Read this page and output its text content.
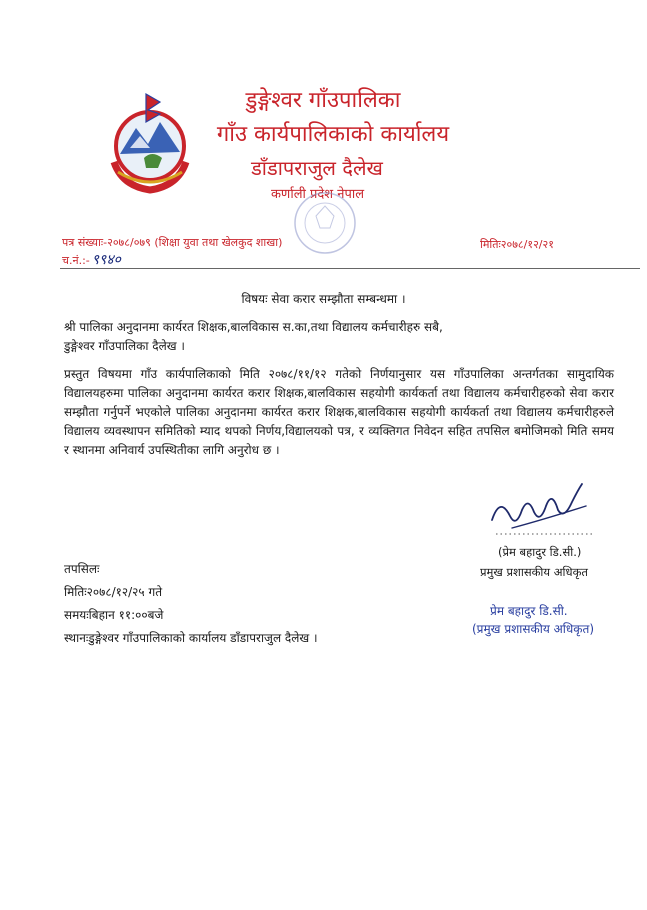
डुङ्गेश्वर गाँउपालिका
गाँउ कार्यपालिकाको कार्यालय
डाँडापराजुल दैलेख
कर्णाली प्रदेश नेपाल
पत्र संख्याः-२०७८/०७९ (शिक्षा युवा तथा खेलकुद शाखा)
च.नं.:- ९९४०
मितिः२०७८/१२/२१
विषयः सेवा करार सम्झौता सम्बन्धमा ।
श्री पालिका अनुदानमा कार्यरत शिक्षक,बालविकास स.का,तथा विद्यालय कर्मचारीहरु सबै,
डुङ्गेश्वर गाँउपालिका दैलेख ।
प्रस्तुत विषयमा गाँउ कार्यपालिकाको मिति २०७८/११/१२ गतेको निर्णयानुसार यस गाँउपालिका अन्तर्गतका सामुदायिक विद्यालयहरुमा पालिका अनुदानमा कार्यरत करार शिक्षक,बालविकास सहयोगी कार्यकर्ता तथा विद्यालय कर्मचारीहरुको सेवा करार सम्झौता गर्नुपर्ने भएकोले पालिका अनुदानमा कार्यरत करार शिक्षक,बालविकास सहयोगी कार्यकर्ता तथा विद्यालय कर्मचारीहरुले विद्यालय व्यवस्थापन समितिको म्याद थपको निर्णय,विद्यालयको पत्र, र व्यक्तिगत निवेदन सहित तपसिल बमोजिमको मिति समय र स्थानमा अनिवार्य उपस्थितीका लागि अनुरोध छ ।
(प्रेम बहादुर डि.सी.)
प्रमुख प्रशासकीय अधिकृत
प्रेम बहादुर डि.सी.
(प्रमुख प्रशासकीय अधिकृत)
तपसिलः
मितिः२०७८/१२/२५ गते
समयःबिहान ११:००बजे
स्थानःडुङ्गेश्वर गाँउपालिकाको कार्यालय डाँडापराजुल दैलेख ।
